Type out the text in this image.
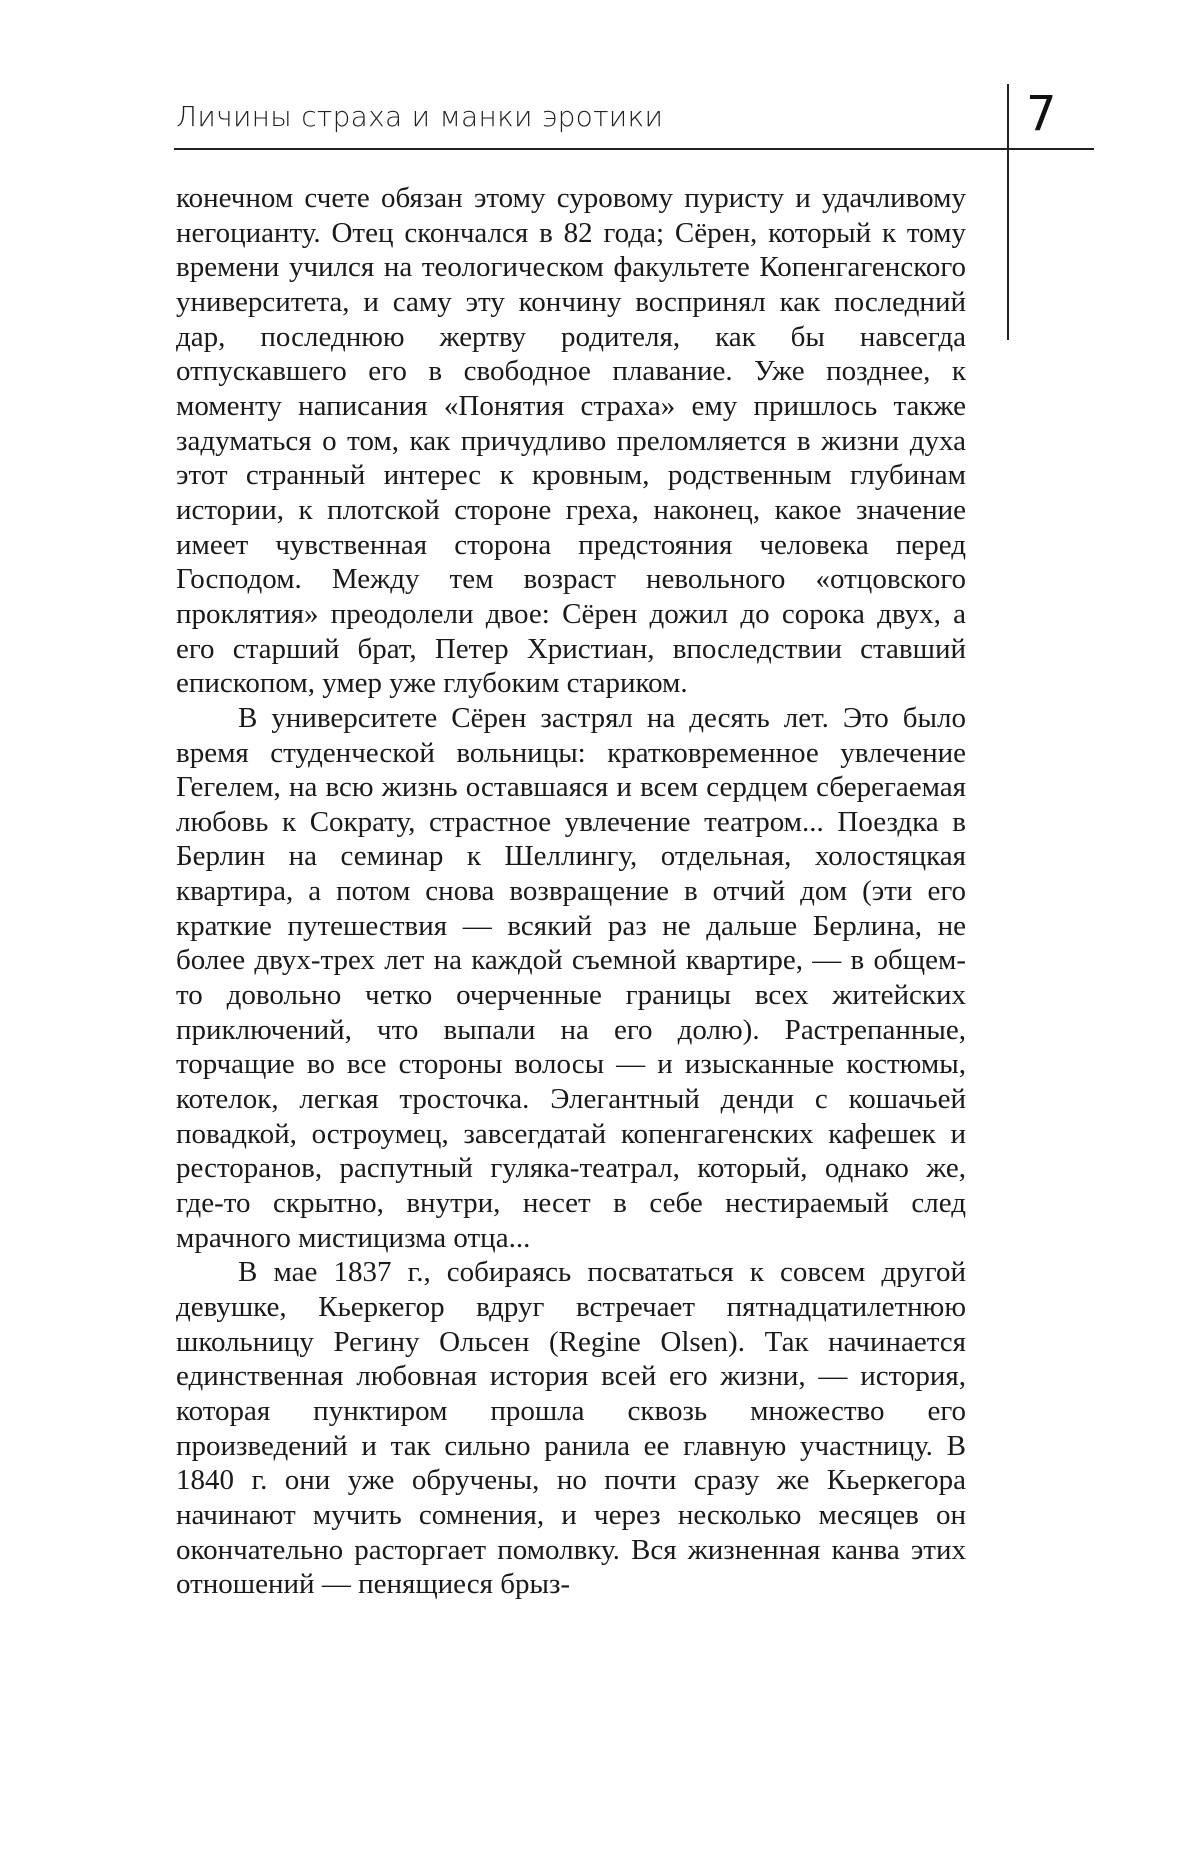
Личины страха и манки эротики	7

конечном счете обязан этому суровому пуристу и удачливому негоцианту. Отец скончался в 82 года; Сёрен, который к тому времени учился на теологическом факультете Копенгагенского университета, и саму эту кончину воспринял как последний дар, последнюю жертву родителя, как бы навсегда отпускавшего его в свободное плавание. Уже позднее, к моменту написания «Понятия страха» ему пришлось также задуматься о том, как причудливо преломляется в жизни духа этот странный интерес к кровным, родственным глубинам истории, к плотской стороне греха, наконец, какое значение имеет чувственная сторона предстояния человека перед Господом. Между тем возраст невольного «отцовского проклятия» преодолели двое: Сёрен дожил до сорока двух, а его старший брат, Петер Христиан, впоследствии ставший епископом, умер уже глубоким стариком.

В университете Сёрен застрял на десять лет. Это было время студенческой вольницы: кратковременное увлечение Гегелем, на всю жизнь оставшаяся и всем сердцем сберегаемая любовь к Сократу, страстное увлечение театром... Поездка в Берлин на семинар к Шеллингу, отдельная, холостяцкая квартира, а потом снова возвращение в отчий дом (эти его краткие путешествия — всякий раз не дальше Берлина, не более двух-трех лет на каждой съемной квартире, — в общем-то довольно четко очерченные границы всех житейских приключений, что выпали на его долю). Растрепанные, торчащие во все стороны волосы — и изысканные костюмы, котелок, легкая тросточка. Элегантный денди с кошачьей повадкой, остроумец, завсегдатай копенгагенских кафешек и ресторанов, распутный гуляка-театрал, который, однако же, где-то скрытно, внутри, несет в себе нестираемый след мрачного мистицизма отца...

В мае 1837 г., собираясь посвататься к совсем другой девушке, Кьеркегор вдруг встречает пятнадцатилетнюю школьницу Регину Ольсен (Regine Olsen). Так начинается единственная любовная история всей его жизни, — история, которая пунктиром прошла сквозь множество его произведений и так сильно ранила ее главную участницу. В 1840 г. они уже обручены, но почти сразу же Кьеркегора начинают мучить сомнения, и через несколько месяцев он окончательно расторгает помолвку. Вся жизненная канва этих отношений — пенящиеся брыз-
